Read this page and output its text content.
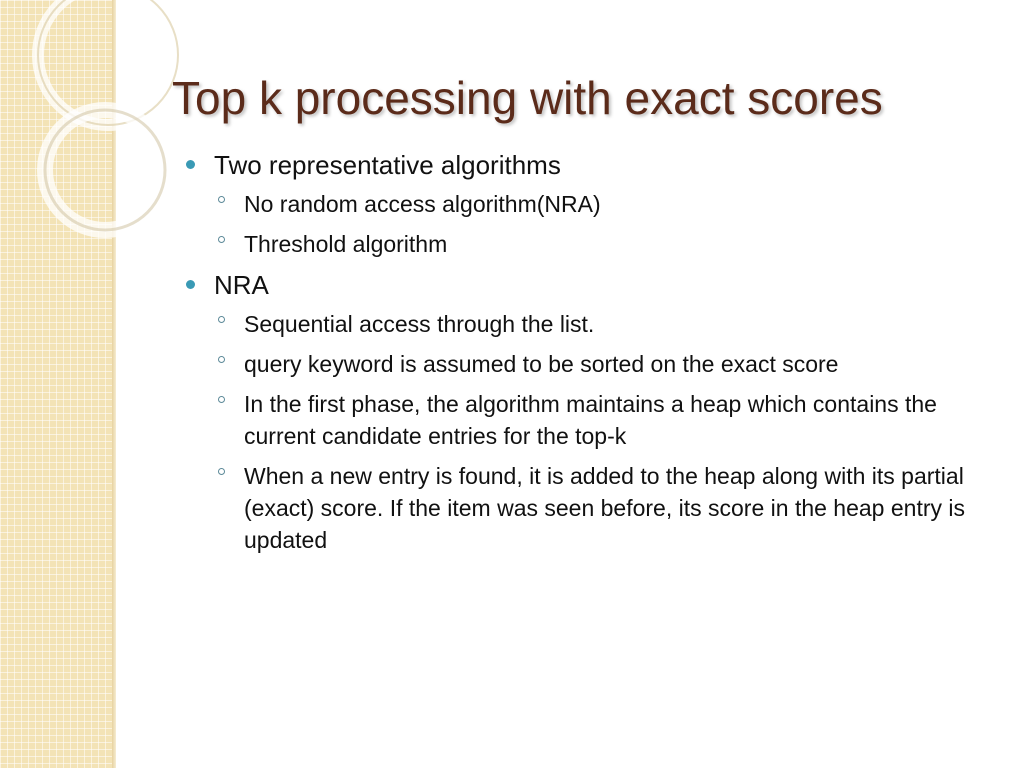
Top k processing with exact scores
Two representative algorithms
No random access algorithm(NRA)
Threshold algorithm
NRA
Sequential access through the list.
query keyword is assumed to be sorted on the exact score
In the first phase, the algorithm maintains a heap which contains the current candidate entries for the top-k
When a new entry is found, it is added to the heap along with its partial (exact) score. If the item was seen before, its score in the heap entry is updated
